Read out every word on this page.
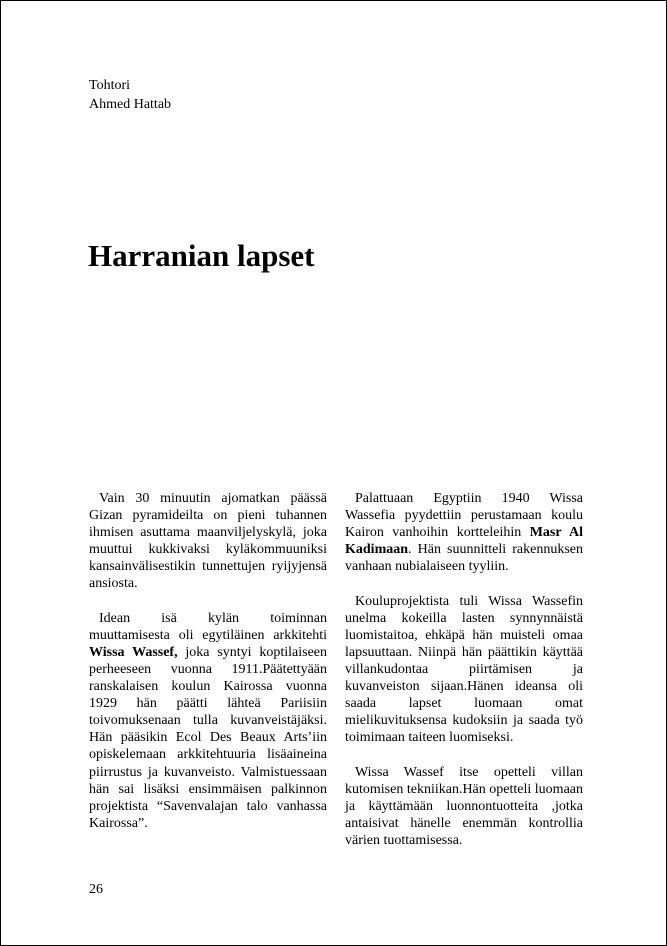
Tohtori
Ahmed Hattab
Harranian lapset

Vain 30 minuutin ajomatkan päässä Gizan pyramideilta on pieni tuhannen ihmisen asuttama maanviljelyskylä, joka muuttui kukkivaksi kyläkommuuniksi kansainvälisestikin tunnettujen ryijyjensä ansiosta.

Idean isä kylän toiminnan muuttamisesta oli egytiläinen arkkitehti Wissa Wassef, joka syntyi koptilaiseen perheeseen vuonna 1911.Päätettyään ranskalaisen koulun Kairossa vuonna 1929 hän päätti lähteä Pariisiin toivomuksenaan tulla kuvanveistäjäksi. Hän pääsikin Ecol Des Beaux Arts’iin opiskelemaan arkkitehtuuria lisäaineina piirrustus ja kuvanveisto. Valmistuessaan hän sai lisäksi ensimmäisen palkinnon projektista “Savenvalajan talo vanhassa Kairossa”.

Palattuaan Egyptiin 1940 Wissa Wassefia pyydettiin perustamaan koulu Kairon vanhoihin kortteleihin Masr Al Kadimaan. Hän suunnitteli rakennuksen vanhaan nubialaiseen tyyliin.

Kouluprojektista tuli Wissa Wassefin unelma kokeilla lasten synnynnäistä luomistaitoa, ehkäpä hän muisteli omaa lapsuuttaan. Niinpä hän päättikin käyttää villankudontaa piirtämisen ja kuvanveiston sijaan.Hänen ideansa oli saada lapset luomaan omat mielikuvituksensa kudoksiin ja saada työ toimimaan taiteen luomiseksi.

Wissa Wassef itse opetteli villan kutomisen tekniikan.Hän opetteli luomaan ja käyttämään luonnontuotteita ,jotka antaisivat hänelle enemmän kontrollia värien tuottamisessa.

26
